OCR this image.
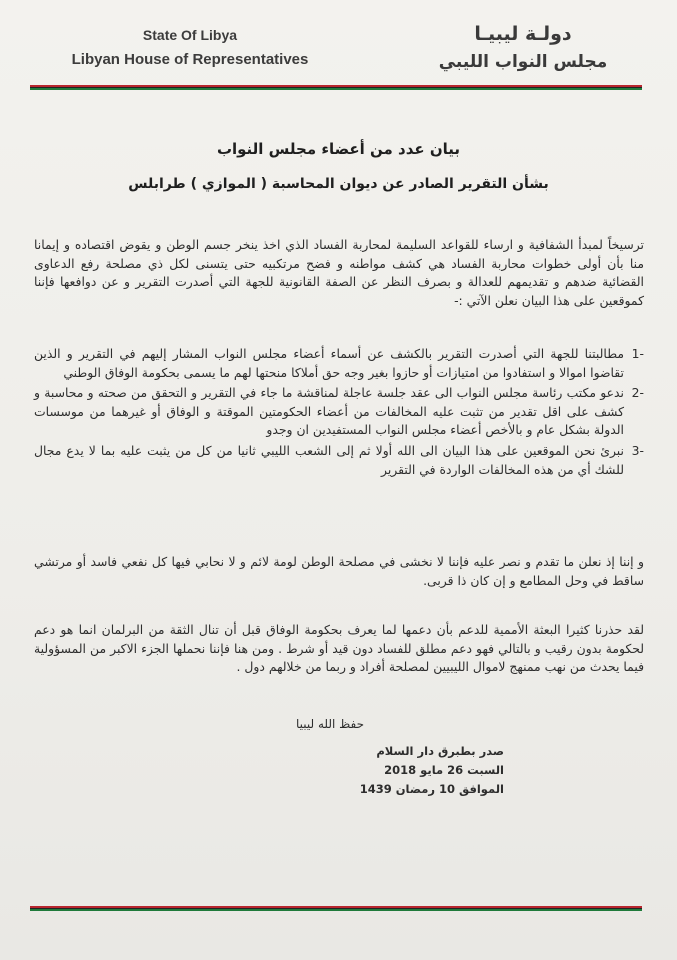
State Of Libya
Libyan House of Representatives
دولـة ليبيـا
مجلس النواب الليبي
بيان عدد من أعضاء مجلس النواب
بشأن التقرير الصادر عن ديوان المحاسبة ( الموازي ) طرابلس
ترسيخاً لمبدأ الشفافية و ارساء للقواعد السليمة لمحاربة الفساد الذي اخذ ينخر جسم الوطن و يقوض اقتصاده و إيمانا منا بأن أولى خطوات محاربة الفساد هي كشف مواطنه و فضح مرتكبيه حتى يتسنى لكل ذي مصلحة رفع الدعاوى القضائية ضدهم و تقديمهم للعدالة و بصرف النظر عن الصفة القانونية للجهة التي أصدرت التقرير و عن دوافعها فإننا كموقعين على هذا البيان نعلن الآتي :-
-1
مطالبتنا للجهة التي أصدرت التقرير بالكشف عن أسماء أعضاء مجلس النواب المشار إليهم في التقرير و الذين تقاضوا اموالا و استفادوا من امتيازات أو حازوا بغير وجه حق أملاكا منحتها لهم ما يسمى بحكومة الوفاق الوطني
-2
ندعو مكتب رئاسة مجلس النواب الى عقد جلسة عاجلة لمناقشة ما جاء في التقرير و التحقق من صحته و محاسبة و كشف على اقل تقدير من تثبت عليه المخالفات من أعضاء الحكومتين الموقتة و الوفاق أو غيرهما من موسسات الدولة بشكل عام و بالأخص أعضاء مجلس النواب المستفيدين ان وجدو
-3
نبرئ نحن الموقعين على هذا البيان الى الله أولا ثم إلى الشعب الليبي ثانيا من كل من يثبت عليه بما لا يدع مجال للشك أي من هذه المخالفات الواردة في التقرير
و إننا إذ نعلن ما تقدم و نصر عليه فإننا لا نخشى في مصلحة الوطن لومة لائم و لا نحابي فيها كل نفعي فاسد أو مرتشي ساقط في وحل المطامع و إن كان ذا قربى.
لقد حذرنا كثيرا البعثة الأممية للدعم بأن دعمها لما يعرف بحكومة الوفاق قبل أن تنال الثقة من البرلمان انما هو دعم لحكومة بدون رقيب و بالتالي فهو دعم مطلق للفساد دون قيد أو شرط . ومن هنا فإننا نحملها الجزء الاكبر من المسؤولية فيما يحدث من نهب ممنهج لاموال الليبيين لمصلحة أفراد و ربما من خلالهم دول .
حفظ الله ليبيا
صدر بطبرق دار السلام
السبت 26 مايو 2018
الموافق 10 رمضان 1439
